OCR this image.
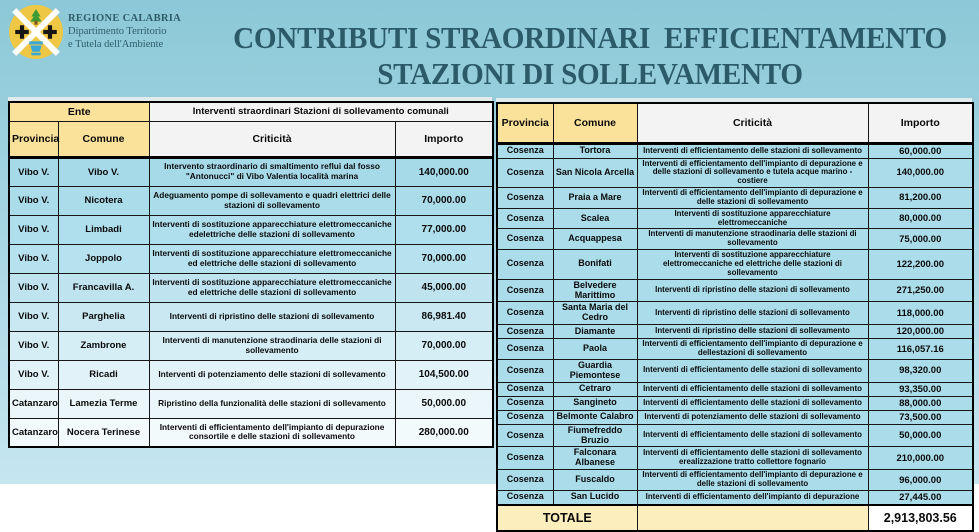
REGIONE CALABRIA
Dipartimento Territorio
e Tutela dell'Ambiente	CONTRIBUTI STRAORDINARI  EFFICIENTAMENTO
STAZIONI DI SOLLEVAMENTO
Ente		Interventi straordinari Stazioni di sollevamento comunali	
Provincia	Comune	Criticità	Importo
Vibo V.	Vibo V.	Intervento straordinario di smaltimento reflui dal fosso "Antonucci" di Vibo Valentia località marina	140,000.00
Vibo V.	Nicotera	Adeguamento pompe di sollevamento e quadri elettrici delle stazioni di sollevamento	70,000.00
Vibo V.	Limbadi	Interventi di sostituzione apparecchiature elettromeccaniche edelettriche delle stazioni di sollevamento	77,000.00
Vibo V.	Joppolo	Interventi di sostituzione apparecchiature elettromeccaniche ed elettriche delle stazioni di sollevamento	70,000.00
Vibo V.	Francavilla A.	Interventi di sostituzione apparecchiature elettromeccaniche ed elettriche delle stazioni di sollevamento	45,000.00
Vibo V.	Parghelia	Interventi di ripristino delle stazioni di sollevamento	86,981.40
Vibo V.	Zambrone	Interventi di manutenzione straodinaria delle stazioni di sollevamento	70,000.00
Vibo V.	Ricadi	Interventi di potenziamento delle stazioni di sollevamento	104,500.00
Catanzaro	Lamezia Terme	Ripristino della funzionalità delle stazioni di sollevamento	50,000.00
Catanzaro	Nocera Terinese	Interventi di efficientamento dell'impianto di depurazione consortile e delle stazioni di sollevamento	280,000.00
Provincia	Comune	Criticità	Importo
Cosenza	Tortora	Interventi di efficientamento delle stazioni di sollevamento	60,000.00
Cosenza	San Nicola Arcella	Interventi di efficientamento dell'impianto di depurazione e delle stazioni di sollevamento e tutela acque marino - costiere	140,000.00
Cosenza	Praia a Mare	Interventi di efficientamento dell'impianto di depurazione e delle stazioni di sollevamento	81,200.00
Cosenza	Scalea	Interventi di sostituzione apparecchiature elettromeccaniche	80,000.00
Cosenza	Acquappesa	Interventi di manutenzione straodinaria delle stazioni di sollevamento	75,000.00
Cosenza	Bonifati	Interventi di sostituzione apparecchiature elettromeccaniche ed elettriche delle stazioni di sollevamento	122,200.00
Cosenza	Belvedere Marittimo	Interventi di ripristino delle stazioni di sollevamento	271,250.00
Cosenza	Santa Maria del Cedro	Interventi di ripristino delle stazioni di sollevamento	118,000.00
Cosenza	Diamante	Interventi di ripristino delle stazioni di sollevamento	120,000.00
Cosenza	Paola	Interventi di efficientamento dell'impianto di depurazione e dellestazioni di sollevamento	116,057.16
Cosenza	Guardia Piemontese	Interventi di efficientamento delle stazioni di sollevamento	98,320.00
Cosenza	Cetraro	Interventi di efficientamento delle stazioni di sollevamento	93,350.00
Cosenza	Sangineto	Interventi di efficientamento delle stazioni di sollevamento	88,000.00
Cosenza	Belmonte Calabro	Interventi di potenziamento delle stazioni di sollevamento	73,500.00
Cosenza	Fiumefreddo Bruzio	Interventi di efficientamento delle stazioni di sollevamento	50,000.00
Cosenza	Falconara Albanese	Interventi di efficientamento delle stazioni di sollevamento erealizzazione tratto collettore fognario	210,000.00
Cosenza	Fuscaldo	Interventi di efficientamento dell'impianto di depurazione e delle stazioni di sollevamento	96,000.00
Cosenza	San Lucido	Interventi di efficientamento dell'impianto di depurazione	27,445.00
TOTALE			2,913,803.56
